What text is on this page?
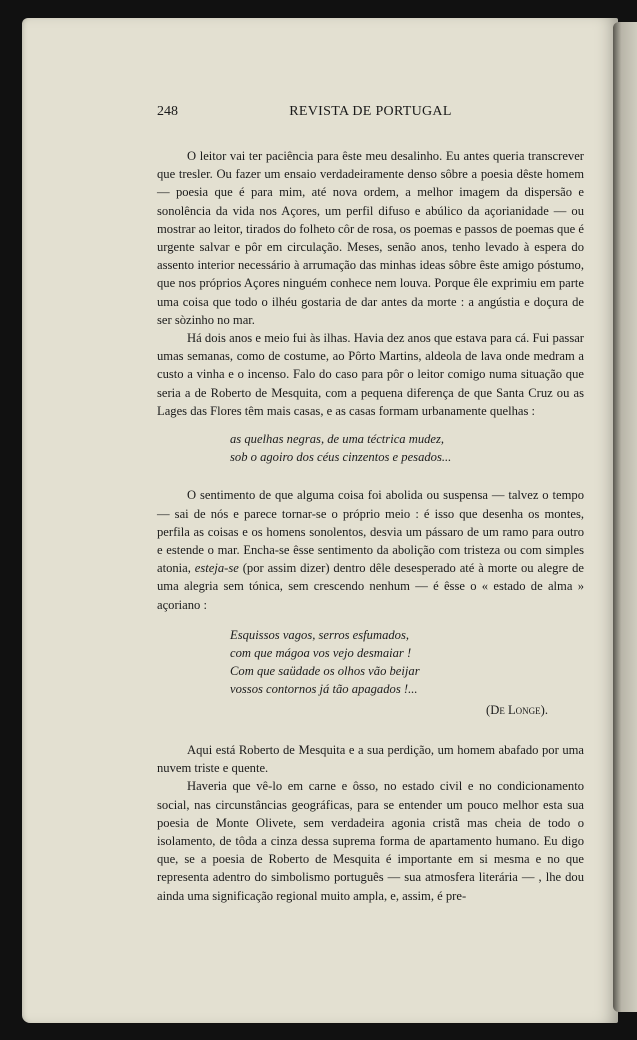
248	REVISTA DE PORTUGAL

O leitor vai ter paciência para êste meu desalinho. Eu antes queria transcrever que tresler. Ou fazer um ensaio verdadeiramente denso sôbre a poesia dêste homem — poesia que é para mim, até nova ordem, a melhor imagem da dispersão e sonolência da vida nos Açores, um perfil difuso e abúlico da açorianidade — ou mostrar ao leitor, tirados do folheto côr de rosa, os poemas e passos de poemas que é urgente salvar e pôr em circulação. Meses, senão anos, tenho levado à espera do assento interior necessário à arrumação das minhas ideas sôbre êste amigo póstumo, que nos próprios Açores ninguém conhece nem louva. Porque êle exprimiu em parte uma coisa que todo o ilhéu gostaria de dar antes da morte : a angústia e doçura de ser sòzinho no mar.

Há dois anos e meio fui às ilhas. Havia dez anos que estava para cá. Fui passar umas semanas, como de costume, ao Pôrto Martins, aldeola de lava onde medram a custo a vinha e o incenso. Falo do caso para pôr o leitor comigo numa situação que seria a de Roberto de Mesquita, com a pequena diferença de que Santa Cruz ou as Lages das Flores têm mais casas, e as casas formam urbanamente quelhas :

as quelhas negras, de uma téctrica mudez,
sob o agoiro dos céus cinzentos e pesados...

O sentimento de que alguma coisa foi abolida ou suspensa — talvez o tempo — sai de nós e parece tornar-se o próprio meio : é isso que desenha os montes, perfila as coisas e os homens sonolentos, desvia um pássaro de um ramo para outro e estende o mar. Encha-se êsse sentimento da abolição com tristeza ou com simples atonia, esteja-se (por assim dizer) dentro dêle desesperado até à morte ou alegre de uma alegria sem tónica, sem crescendo nenhum — é êsse o « estado de alma » açoriano :

Esquissos vagos, serros esfumados,
com que mágoa vos vejo desmaiar !
Com que saüdade os olhos vão beijar
vossos contornos já tão apagados !...

(De Longe).

Aqui está Roberto de Mesquita e a sua perdição, um homem abafado por uma nuvem triste e quente.

Haveria que vê-lo em carne e ôsso, no estado civil e no condicionamento social, nas circunstâncias geográficas, para se entender um pouco melhor esta sua poesia de Monte Olivete, sem verdadeira agonia cristã mas cheia de todo o isolamento, de tôda a cinza dessa suprema forma de apartamento humano. Eu digo que, se a poesia de Roberto de Mesquita é importante em si mesma e no que representa adentro do simbolismo português — sua atmosfera literária — , lhe dou ainda uma significação regional muito ampla, e, assim, é pre-
